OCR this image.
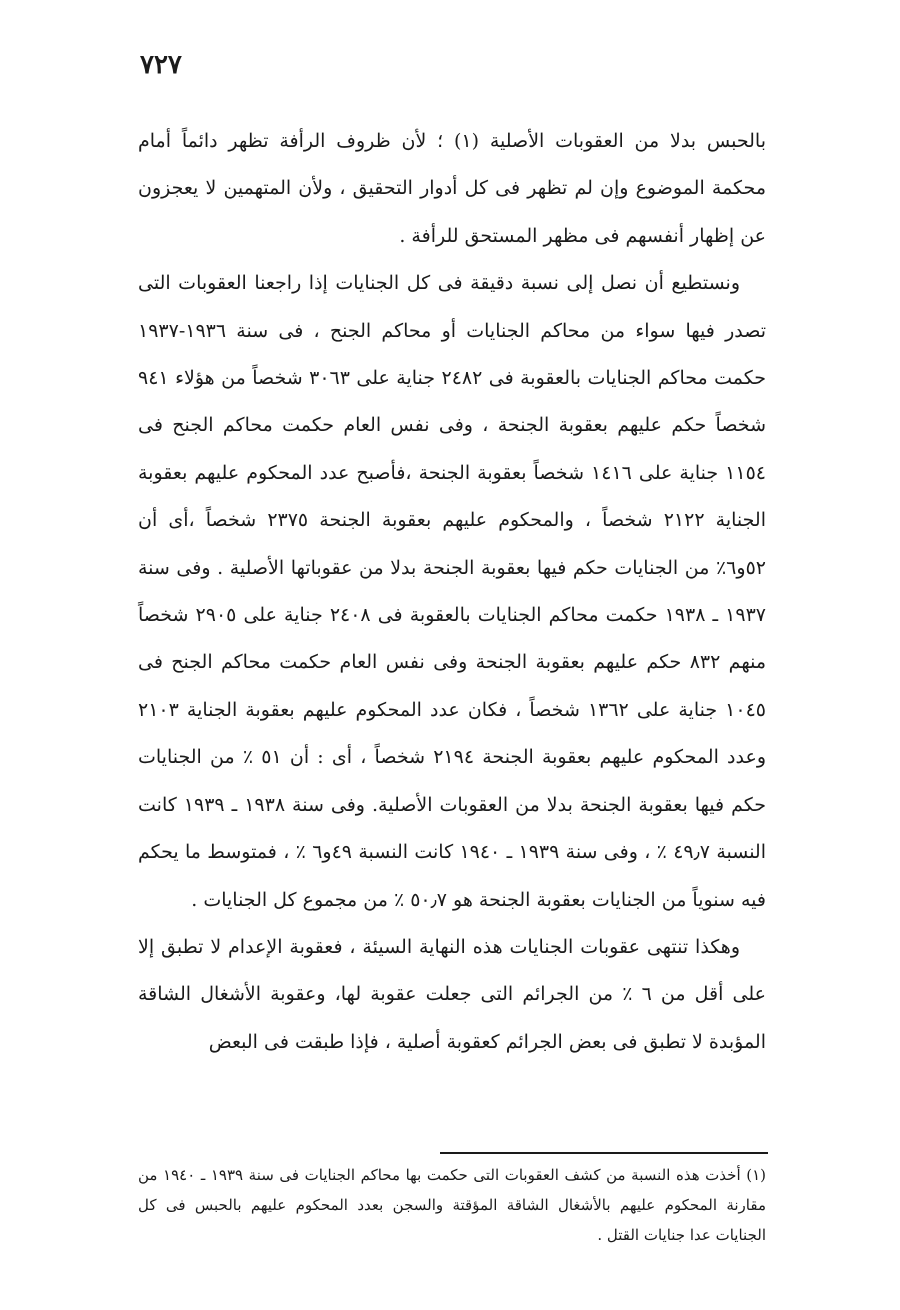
٧٢٧

بالحبس بدلا من العقوبات الأصلية (١) ؛ لأن ظروف الرأفة تظهر دائماً أمام محكمة الموضوع وإن لم تظهر فى كل أدوار التحقيق ، ولأن المتهمين لا يعجزون عن إظهار أنفسهم فى مظهر المستحق للرأفة .

ونستطيع أن نصل إلى نسبة دقيقة فى كل الجنايات إذا راجعنا العقوبات التى تصدر فيها سواء من محاكم الجنايات أو محاكم الجنح ، فى سنة ١٩٣٦-١٩٣٧ حكمت محاكم الجنايات بالعقوبة فى ٢٤٨٢ جناية على ٣٠٦٣ شخصاً من هؤلاء ٩٤١ شخصاً حكم عليهم بعقوبة الجنحة ، وفى نفس العام حكمت محاكم الجنح فى ١١٥٤ جناية على ١٤١٦ شخصاً بعقوبة الجنحة ،فأصبح عدد المحكوم عليهم بعقوبة الجناية ٢١٢٢ شخصاً ، والمحكوم عليهم بعقوبة الجنحة ٢٣٧٥ شخصاً ،أى أن ٥٢و٦٪ من الجنايات حكم فيها بعقوبة الجنحة بدلا من عقوباتها الأصلية . وفى سنة ١٩٣٧ ـ ١٩٣٨ حكمت محاكم الجنايات بالعقوبة فى ٢٤٠٨ جناية على ٢٩٠٥ شخصاً منهم ٨٣٢ حكم عليهم بعقوبة الجنحة وفى نفس العام حكمت محاكم الجنح فى ١٠٤٥ جناية على ١٣٦٢ شخصاً ، فكان عدد المحكوم عليهم بعقوبة الجناية ٢١٠٣ وعدد المحكوم عليهم بعقوبة الجنحة ٢١٩٤ شخصاً ، أى : أن ٥١ ٪ من الجنايات حكم فيها بعقوبة الجنحة بدلا من العقوبات الأصلية. وفى سنة ١٩٣٨ ـ ١٩٣٩ كانت النسبة ٤٩٫٧ ٪ ، وفى سنة ١٩٣٩ ـ ١٩٤٠ كانت النسبة ٤٩و٦ ٪ ، فمتوسط ما يحكم فيه سنوياً من الجنايات بعقوبة الجنحة هو ٥٠٫٧ ٪ من مجموع كل الجنايات .

وهكذا تنتهى عقوبات الجنايات هذه النهاية السيئة ، فعقوبة الإعدام لا تطبق إلا على أقل من ٦ ٪ من الجرائم التى جعلت عقوبة لها، وعقوبة الأشغال الشاقة المؤبدة لا تطبق فى بعض الجرائم كعقوبة أصلية ، فإذا طبقت فى البعض

(١) أخذت هذه النسبة من كشف العقوبات التى حكمت بها محاكم الجنايات فى سنة ١٩٣٩ ـ ١٩٤٠ من مقارنة المحكوم عليهم بالأشغال الشاقة المؤقتة والسجن بعدد المحكوم عليهم بالحبس فى كل الجنايات عدا جنايات القتل .
